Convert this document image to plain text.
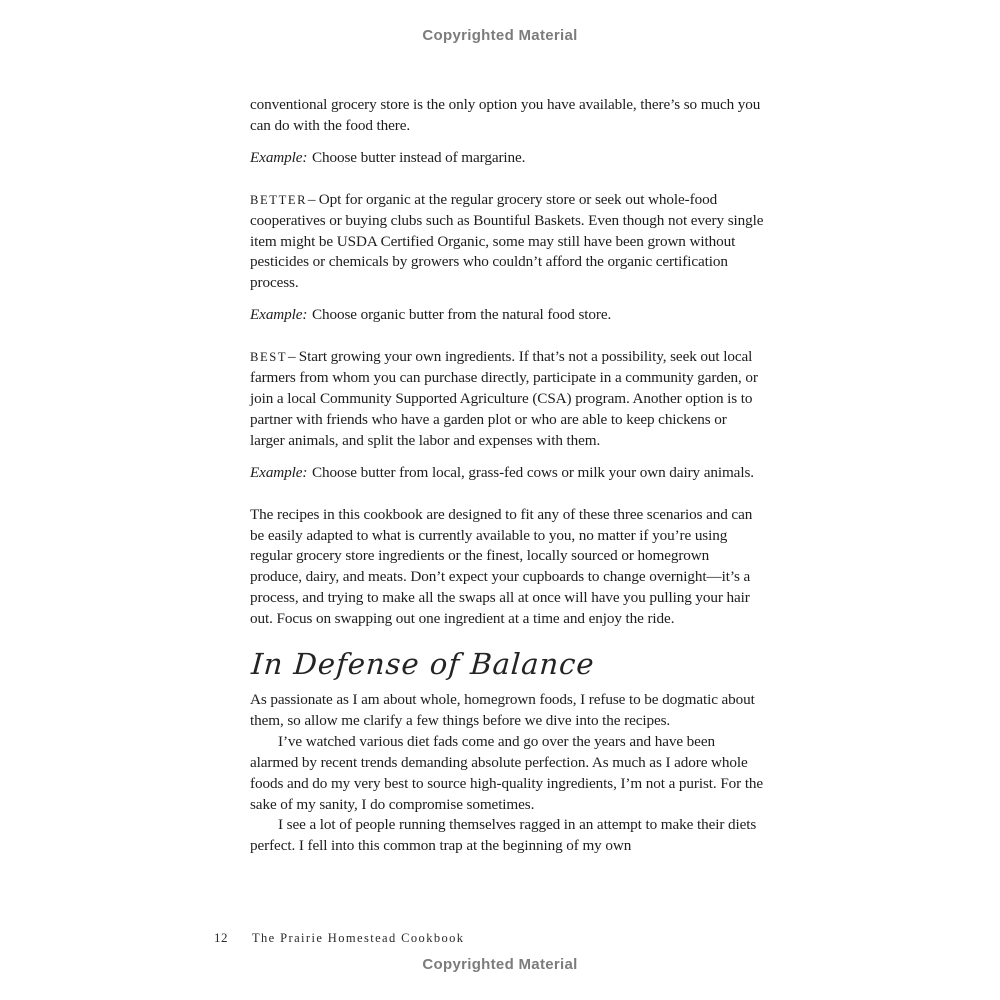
Copyrighted Material

conventional grocery store is the only option you have available, there’s so much you can do with the food there.

Example: Choose butter instead of margarine.

BETTER– Opt for organic at the regular grocery store or seek out whole-food cooperatives or buying clubs such as Bountiful Baskets. Even though not every single item might be USDA Certified Organic, some may still have been grown without pesticides or chemicals by growers who couldn’t afford the organic certification process.

Example: Choose organic butter from the natural food store.

BEST– Start growing your own ingredients. If that’s not a possibility, seek out local farmers from whom you can purchase directly, participate in a community garden, or join a local Community Supported Agriculture (CSA) program. Another option is to partner with friends who have a garden plot or who are able to keep chickens or larger animals, and split the labor and expenses with them.

Example: Choose butter from local, grass-fed cows or milk your own dairy animals.

The recipes in this cookbook are designed to fit any of these three scenarios and can be easily adapted to what is currently available to you, no matter if you’re using regular grocery store ingredients or the finest, locally sourced or homegrown produce, dairy, and meats. Don’t expect your cupboards to change overnight—it’s a process, and trying to make all the swaps all at once will have you pulling your hair out. Focus on swapping out one ingredient at a time and enjoy the ride.

In Defense of Balance

As passionate as I am about whole, homegrown foods, I refuse to be dogmatic about them, so allow me clarify a few things before we dive into the recipes.

I’ve watched various diet fads come and go over the years and have been alarmed by recent trends demanding absolute perfection. As much as I adore whole foods and do my very best to source high-quality ingredients, I’m not a purist. For the sake of my sanity, I do compromise sometimes.

I see a lot of people running themselves ragged in an attempt to make their diets perfect. I fell into this common trap at the beginning of my own

12 The Prairie Homestead Cookbook
Copyrighted Material
